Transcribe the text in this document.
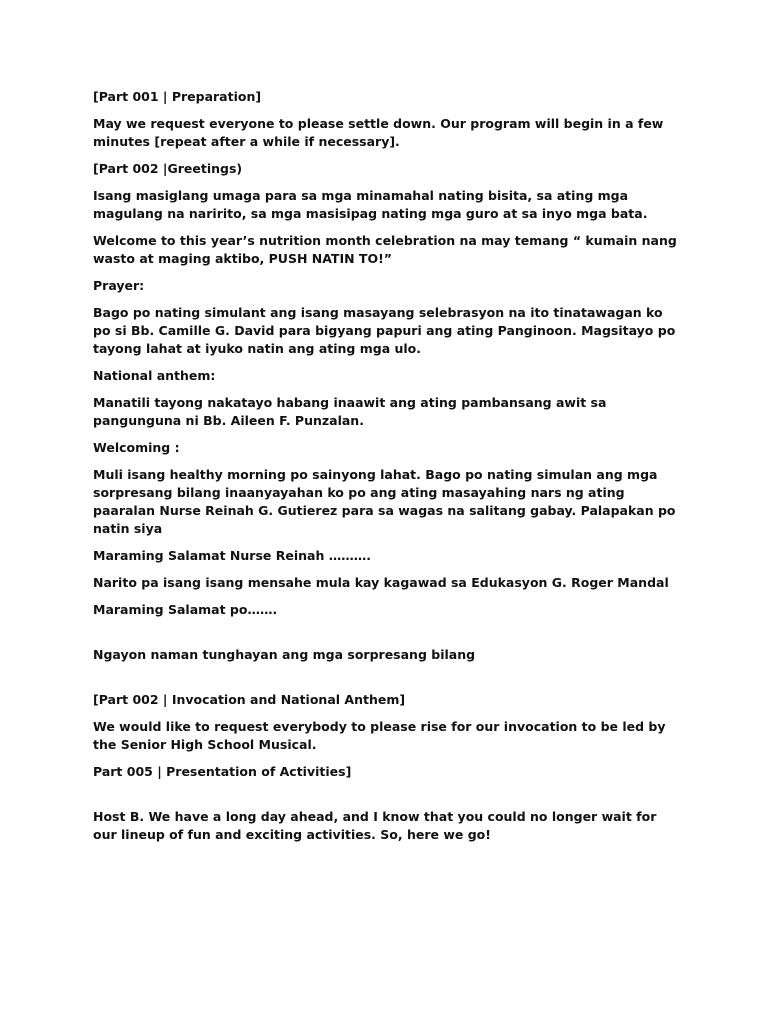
[Part 001 | Preparation]

May we request everyone to please settle down. Our program will begin in a few minutes [repeat after a while if necessary].

[Part 002 |Greetings)

Isang masiglang umaga para sa mga minamahal nating bisita, sa ating mga magulang na naririto, sa mga masisipag nating mga guro at sa inyo mga bata.

Welcome to this year’s nutrition month celebration na may temang “ kumain nang wasto at maging aktibo, PUSH NATIN TO!”

Prayer:

Bago po nating simulant ang isang masayang selebrasyon na ito tinatawagan ko po si Bb. Camille G. David para bigyang papuri ang ating Panginoon. Magsitayo po tayong lahat at iyuko natin ang ating mga ulo.

National anthem:

Manatili tayong nakatayo habang inaawit ang ating pambansang awit sa pangunguna ni Bb. Aileen F. Punzalan.

Welcoming :

Muli isang healthy morning po sainyong lahat. Bago po nating simulan ang mga sorpresang bilang inaanyayahan ko po ang ating masayahing nars ng ating paaralan Nurse Reinah G. Gutierez para sa wagas na salitang gabay. Palapakan po natin siya

Maraming Salamat Nurse Reinah ……….

Narito pa isang isang mensahe mula kay kagawad sa Edukasyon G. Roger Mandal

Maraming Salamat po…….

Ngayon naman tunghayan ang mga sorpresang bilang

[Part 002 | Invocation and National Anthem]

We would like to request everybody to please rise for our invocation to be led by the Senior High School Musical.

Part 005 | Presentation of Activities]

Host B. We have a long day ahead, and I know that you could no longer wait for our lineup of fun and exciting activities. So, here we go!
